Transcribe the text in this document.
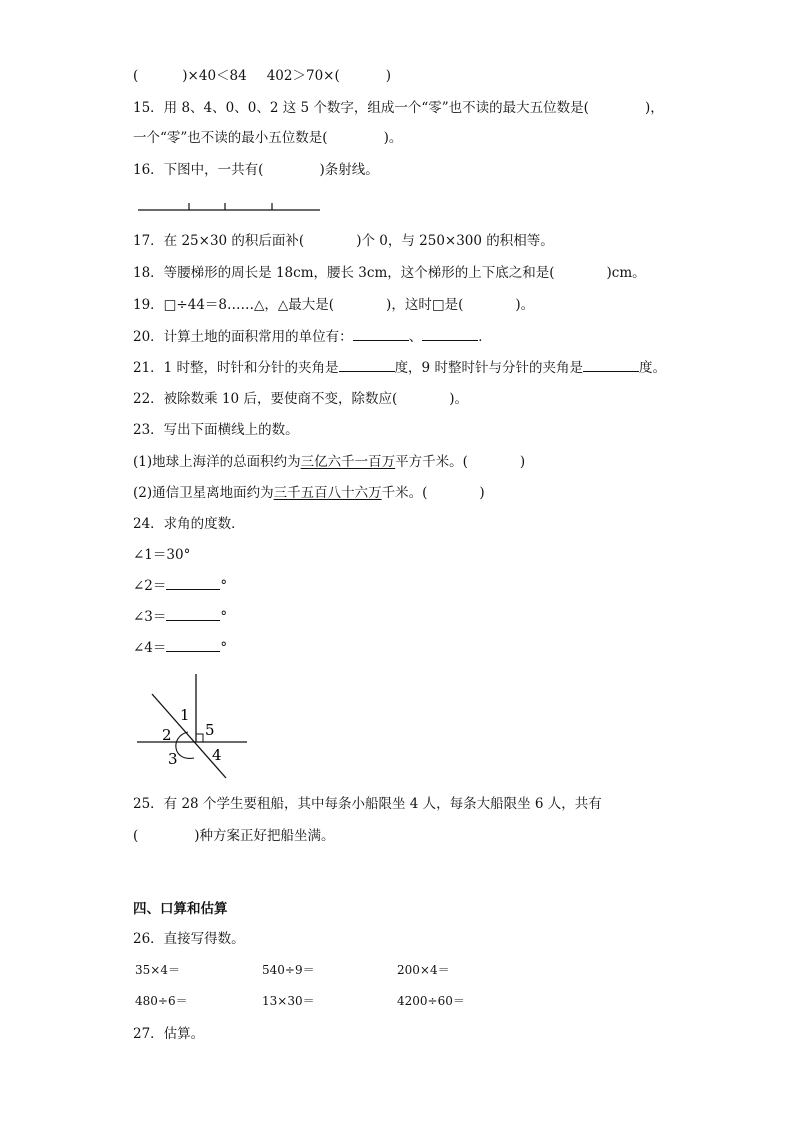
(	)×40＜84 402＞70×(	)
15．用 8、4、0、0、2 这 5 个数字，组成一个“零”也不读的最大五位数是(	)，
一个“零”也不读的最小五位数是(	)。
16．下图中，一共有(	)条射线。
17．在 25×30 的积后面补(	)个 0，与 250×300 的积相等。
18．等腰梯形的周长是 18cm，腰长 3cm，这个梯形的上下底之和是(	)cm。
19．□÷44＝8……△，△最大是(	)，这时□是(	)。
20．计算土地的面积常用的单位有：	、	．
21．1 时整，时针和分针的夹角是	度，9 时整时针与分针的夹角是	度。
22．被除数乘 10 后，要使商不变，除数应(	)。
23．写出下面横线上的数。
(1)地球上海洋的总面积约为三亿六千一百万平方千米。(	)
(2)通信卫星离地面约为三千五百八十六万千米。(	)
24．求角的度数．
∠1＝30°
∠2＝	°
∠3＝	°
∠4＝	°
1
2
3 4
5
25．有 28 个学生要租船，其中每条小船限坐 4 人，每条大船限坐 6 人，共有
(	)种方案正好把船坐满。
四、口算和估算
26．直接写得数。
35×4＝	540÷9＝	200×4＝
480÷6＝	13×30＝	4200÷60＝
27．估算。
